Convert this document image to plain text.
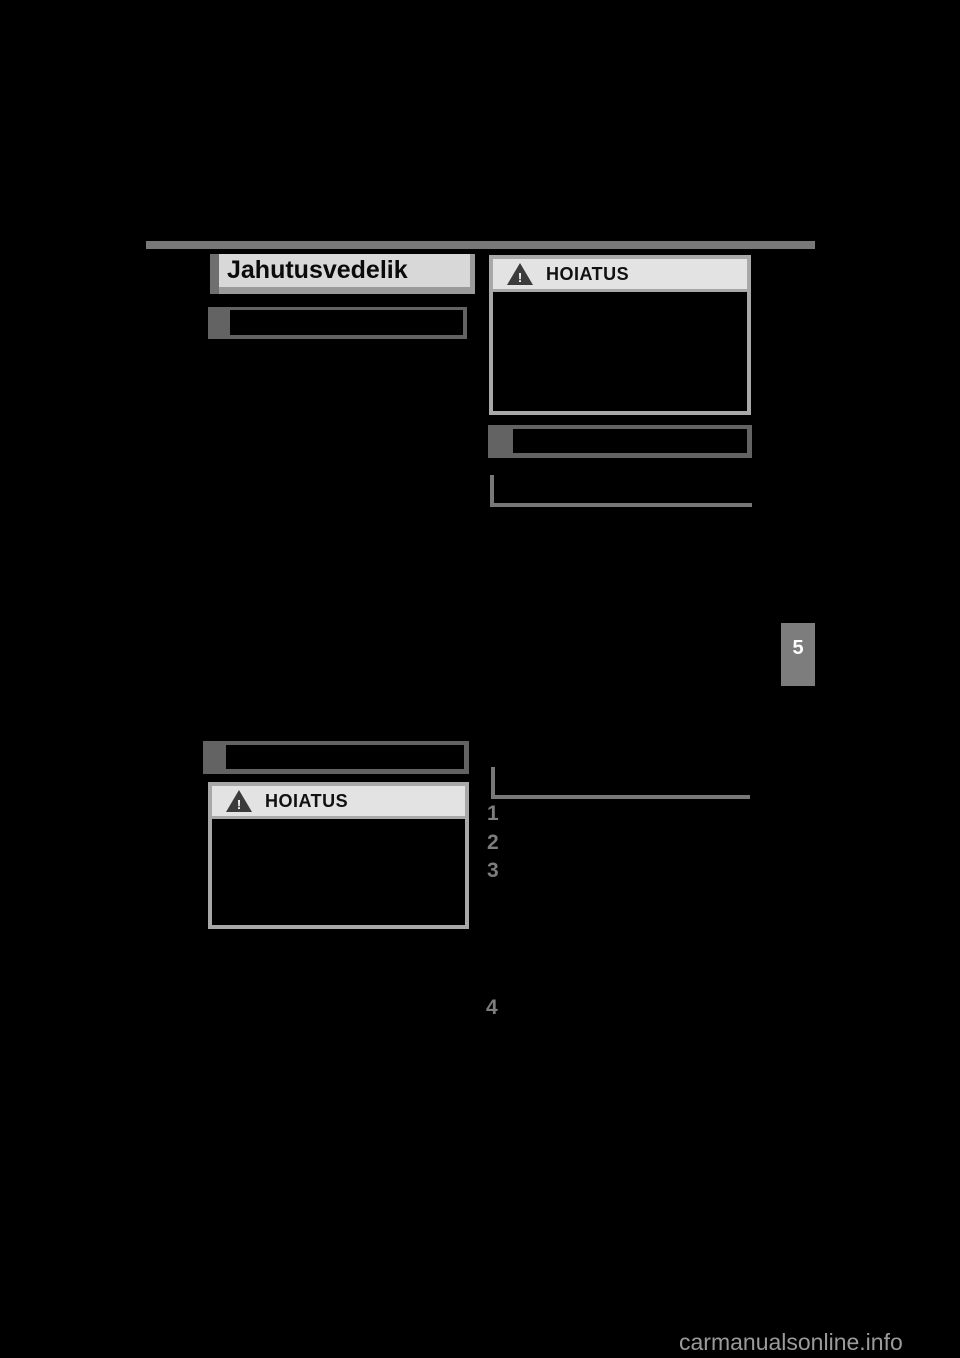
Jahutusvedelik	! HOIATUS
5
! HOIATUS
1
2
3
4
carmanualsonline.info
